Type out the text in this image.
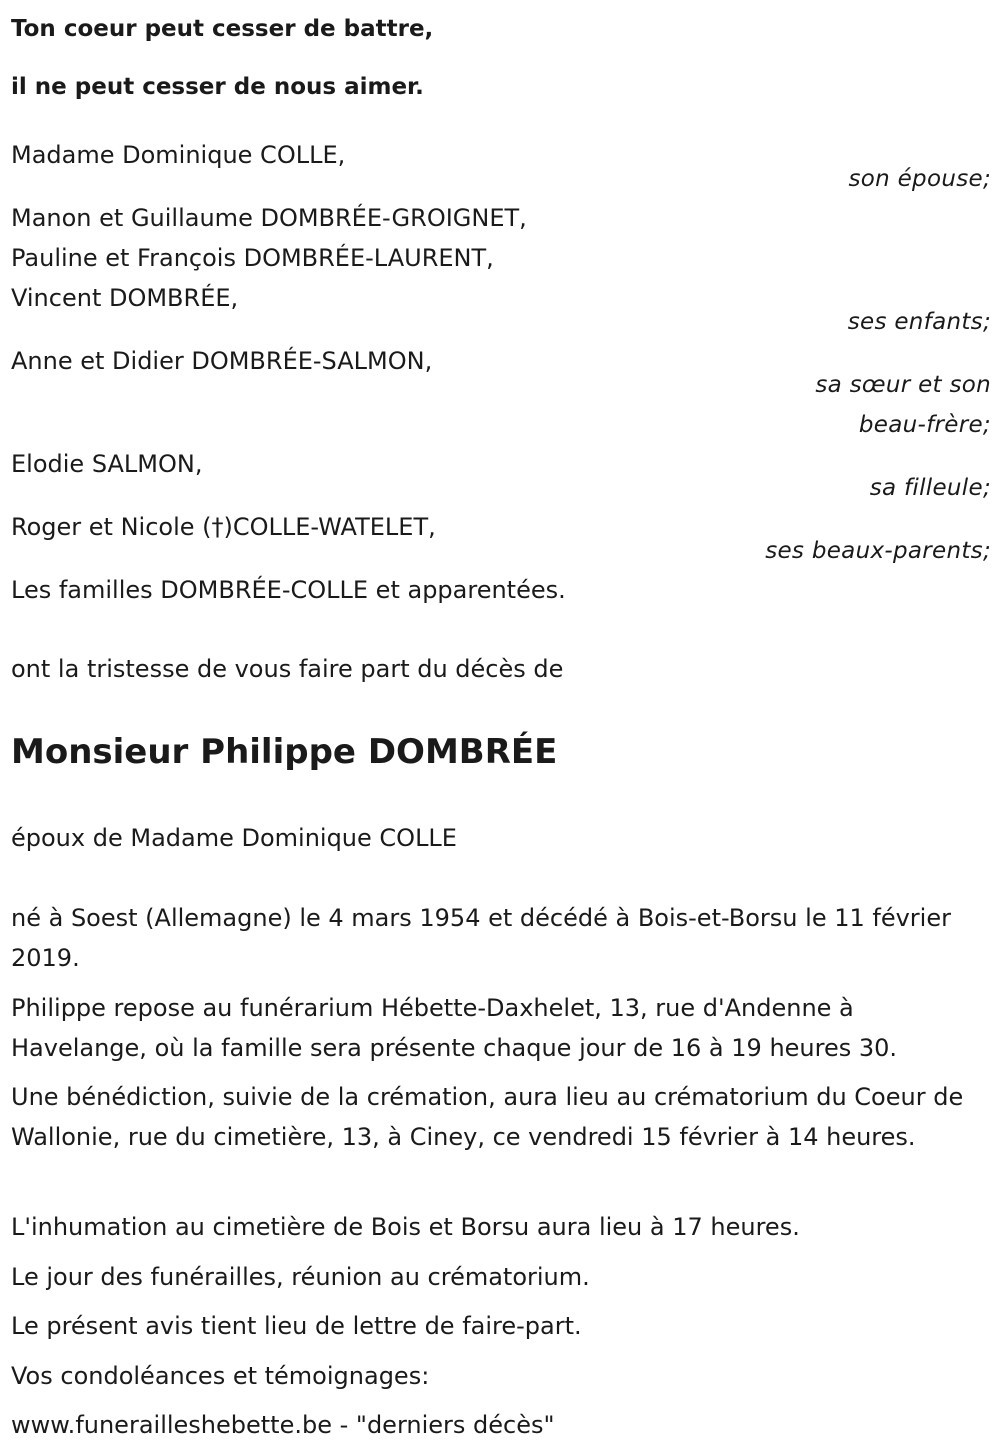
Ton coeur peut cesser de battre,
il ne peut cesser de nous aimer.
Madame Dominique COLLE,
son épouse;
Manon et Guillaume DOMBRÉE-GROIGNET,
Pauline et François DOMBRÉE-LAURENT,
Vincent DOMBRÉE,
ses enfants;
Anne et Didier DOMBRÉE-SALMON,
sa sœur et son
beau-frère;
Elodie SALMON,
sa filleule;
Roger et Nicole (†)COLLE-WATELET,
ses beaux-parents;
Les familles DOMBRÉE-COLLE et apparentées.
ont la tristesse de vous faire part du décès de
Monsieur Philippe DOMBRÉE
époux de Madame Dominique COLLE
né à Soest (Allemagne) le 4 mars 1954 et décédé à Bois-et-Borsu le 11 février 2019.
Philippe repose au funérarium Hébette-Daxhelet, 13, rue d'Andenne à Havelange, où la famille sera présente chaque jour de 16 à 19 heures 30.
Une bénédiction, suivie de la crémation, aura lieu au crématorium du Coeur de Wallonie, rue du cimetière, 13, à Ciney, ce vendredi 15 février à 14 heures.
L'inhumation au cimetière de Bois et Borsu aura lieu à 17 heures.
Le jour des funérailles, réunion au crématorium.
Le présent avis tient lieu de lettre de faire-part.
Vos condoléances et témoignages:
www.funerailleshebette.be - "derniers décès"
